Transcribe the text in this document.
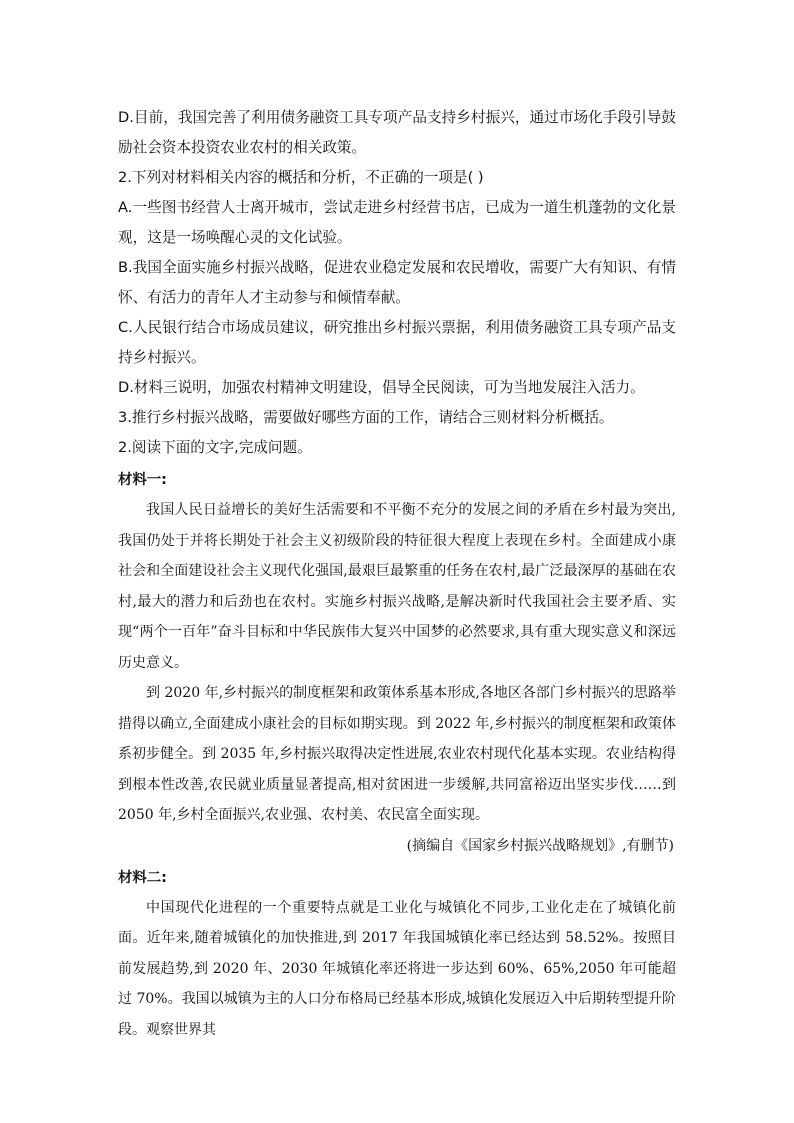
D.目前，我国完善了利用债务融资工具专项产品支持乡村振兴，通过市场化手段引导鼓励社会资本投资农业农村的相关政策。

2.下列对材料相关内容的概括和分析，不正确的一项是( )

A.一些图书经营人士离开城市，尝试走进乡村经营书店，已成为一道生机蓬勃的文化景观，这是一场唤醒心灵的文化试验。

B.我国全面实施乡村振兴战略，促进农业稳定发展和农民增收，需要广大有知识、有情怀、有活力的青年人才主动参与和倾情奉献。

C.人民银行结合市场成员建议，研究推出乡村振兴票据，利用债务融资工具专项产品支持乡村振兴。

D.材料三说明，加强农村精神文明建设，倡导全民阅读，可为当地发展注入活力。

3.推行乡村振兴战略，需要做好哪些方面的工作，请结合三则材料分析概括。

2.阅读下面的文字,完成问题。

材料一:

我国人民日益增长的美好生活需要和不平衡不充分的发展之间的矛盾在乡村最为突出,我国仍处于并将长期处于社会主义初级阶段的特征很大程度上表现在乡村。全面建成小康社会和全面建设社会主义现代化强国,最艰巨最繁重的任务在农村,最广泛最深厚的基础在农村,最大的潜力和后劲也在农村。实施乡村振兴战略,是解决新时代我国社会主要矛盾、实现“两个一百年”奋斗目标和中华民族伟大复兴中国梦的必然要求,具有重大现实意义和深远历史意义。

到 2020 年,乡村振兴的制度框架和政策体系基本形成,各地区各部门乡村振兴的思路举措得以确立,全面建成小康社会的目标如期实现。到 2022 年,乡村振兴的制度框架和政策体系初步健全。到 2035 年,乡村振兴取得决定性进展,农业农村现代化基本实现。农业结构得到根本性改善,农民就业质量显著提高,相对贫困进一步缓解,共同富裕迈出坚实步伐……到 2050 年,乡村全面振兴,农业强、农村美、农民富全面实现。

(摘编自《国家乡村振兴战略规划》,有删节)

材料二:

中国现代化进程的一个重要特点就是工业化与城镇化不同步,工业化走在了城镇化前面。近年来,随着城镇化的加快推进,到 2017 年我国城镇化率已经达到 58.52%。按照目前发展趋势,到 2020 年、2030 年城镇化率还将进一步达到 60%、65%,2050 年可能超过 70%。我国以城镇为主的人口分布格局已经基本形成,城镇化发展迈入中后期转型提升阶段。观察世界其
